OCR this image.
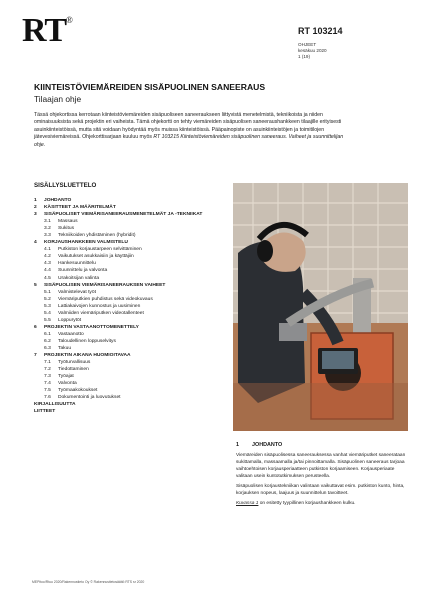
RT®
RT 103214
OHJEET
kesäkuu 2020
1 (19)
KIINTEISTÖVIEMÄREIDEN SISÄPUOLINEN SANEERAUS
Tilaajan ohje
Tässä ohjekortissa kerrotaan kiinteistöviemäreiden sisäpuoliseen saneeraukseen liittyvistä menetelmistä, tekniikoista ja niiden ominaisuuksista sekä projektin eri vaiheista. Tämä ohjekortti on tehty viemäreiden sisäpuolisen saneeraushankkeen tilaajille erityisesti asuinkiinteistöissä, mutta sitä voidaan hyödyntää myös muissa kiinteistöissä. Pääpainopiste on asuinkiinteistöjen ja toimitilojen jätevesiviemäreissä. Ohjekorttisarjaan kuuluu myös RT 103215 Kiinteistöviemäreiden sisäpuolinen saneeraus. Vaiheet ja suunnittelijan ohje.
SISÄLLYSLUETTELO
1	JOHDANTO
2	KÄSITTEET JA MÄÄRITELMÄT
3	SISÄPUOLISET VIEMÄRISANEERAUSMENETELMÄT JA -TEKNIIKAT
3.1	Massaus
3.2	Sukitus
3.3	Tekniikoiden yhdistäminen (hybridit)
4	KORJAUSHANKKEEN VALMISTELU
4.1	Putkiston korjaustarpeen selvittäminen
4.2	Vaikutukset asukkaisiin ja käyttäjiin
4.3	Hankesuunnittelu
4.4	Suunnittelu ja valvonta
4.5	Urakoitsijan valinta
5	SISÄPUOLISEN VIEMÄRISANEERAUKSEN VAIHEET
5.1	Valmistelevat työt
5.2	Viemäriputkien puhdistus sekä videokuvaus
5.3	Lattiakaivojen kunnostus ja uusiminen
5.4	Valmiiden viemäriputken videotallenteet
5.5	Loppurytöt
6	PROJEKTIN VASTAANOTTOMENETTELY
6.1	Vastaanotto
6.2	Taloudellinen loppuselvitys
6.3	Takuu
7	PROJEKTIN AIKANA HUOMIOITAVAA
7.1	Työturvallisuus
7.2	Tiedottaminen
7.3	Työajat
7.4	Valvonta
7.5	Työmaakokoukset
7.6	Dokumentointi ja luovutukset
KIRJALLISUUTTA
LIITTEET
1 JOHDANTO

Viemäreiden sisäpuolisessa saneerauksessa vanhat viemäriputket saneerataan sukittamalla, massaamalla ja/tai pinnoittamalla. Sisäpuolinen saneeraus tarjoaa vaihtoehtoisen korjausperiaatteen putkiston korjaamiseen. Korjausperiaate valitaan usein kuntotutkimuksen perusteella.

Sisäpuolisen korjaustekniikan valintaan vaikuttavat esim. putkiston kunto, hinta, korjauksen nopeus, laajuus ja suunnittelun tavoitteet.

Kuvassa 1 on esitetty tyypillinen korjaushankkeen kulku.

MEPitoo/Rtuu 2020/Rakennustieto Oy © Rakennustietosäätiö RTS sr 2020
